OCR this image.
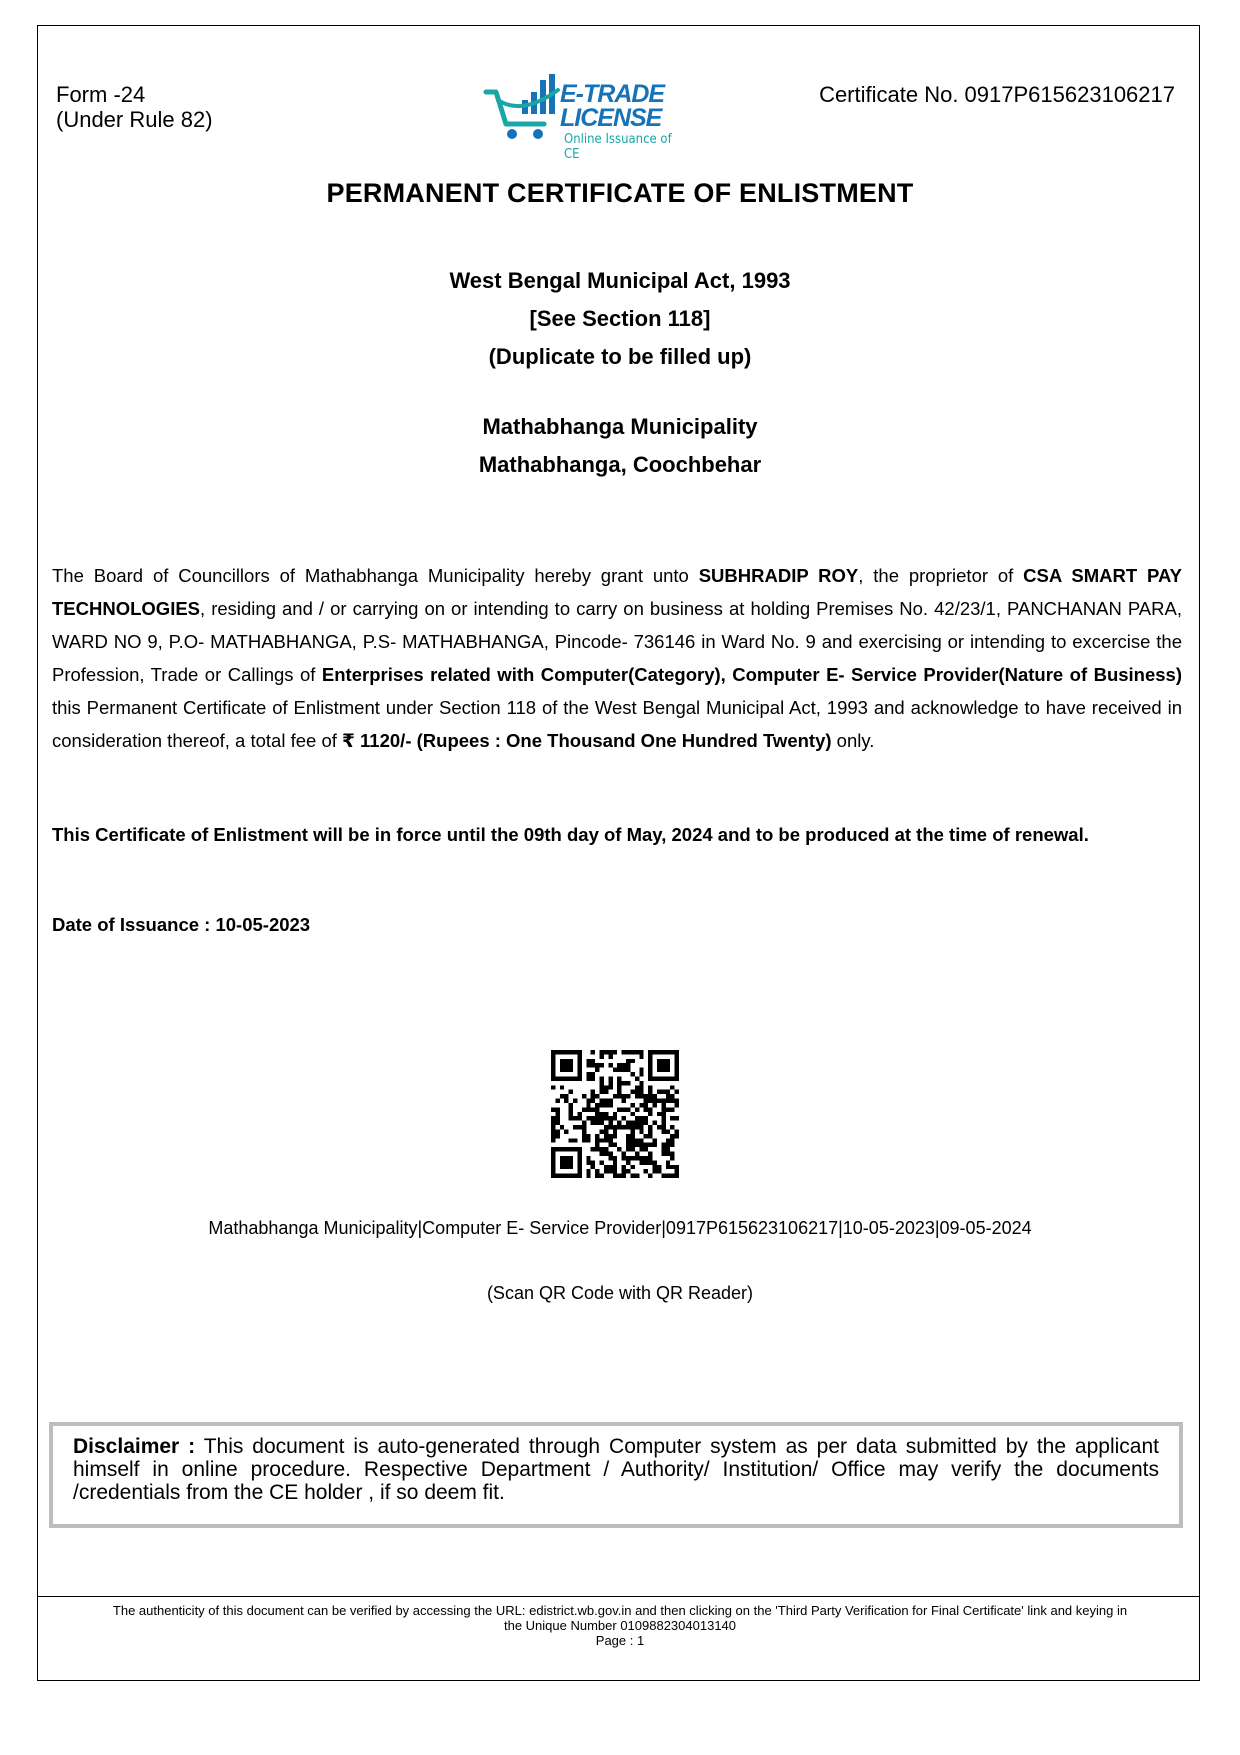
Form -24
(Under Rule 82)
E-TRADE
LICENSE
Online Issuance of CE
Certificate No. 0917P615623106217
PERMANENT CERTIFICATE OF ENLISTMENT
West Bengal Municipal Act, 1993
[See Section 118]
(Duplicate to be filled up)
Mathabhanga Municipality
Mathabhanga, Coochbehar
The Board of Councillors of Mathabhanga Municipality hereby grant unto SUBHRADIP ROY, the proprietor of CSA SMART PAY TECHNOLOGIES, residing and / or carrying on or intending to carry on business at holding Premises No. 42/23/1, PANCHANAN PARA, WARD NO 9, P.O- MATHABHANGA, P.S- MATHABHANGA, Pincode- 736146 in Ward No. 9 and exercising or intending to excercise the Profession, Trade or Callings of Enterprises related with Computer(Category), Computer E- Service Provider(Nature of Business) this Permanent Certificate of Enlistment under Section 118 of the West Bengal Municipal Act, 1993 and acknowledge to have received in consideration thereof, a total fee of ₹ 1120/- (Rupees : One Thousand One Hundred Twenty) only.
This Certificate of Enlistment will be in force until the 09th day of May, 2024 and to be produced at the time of renewal.
Date of Issuance : 10-05-2023
Mathabhanga Municipality|Computer E- Service Provider|0917P615623106217|10-05-2023|09-05-2024
(Scan QR Code with QR Reader)
Disclaimer : This document is auto-generated through Computer system as per data submitted by the applicant himself in online procedure. Respective Department / Authority/ Institution/ Office may verify the documents /credentials from the CE holder , if so deem fit.
The authenticity of this document can be verified by accessing the URL: edistrict.wb.gov.in and then clicking on the 'Third Party Verification for Final Certificate' link and keying in
the Unique Number 0109882304013140
Page : 1
